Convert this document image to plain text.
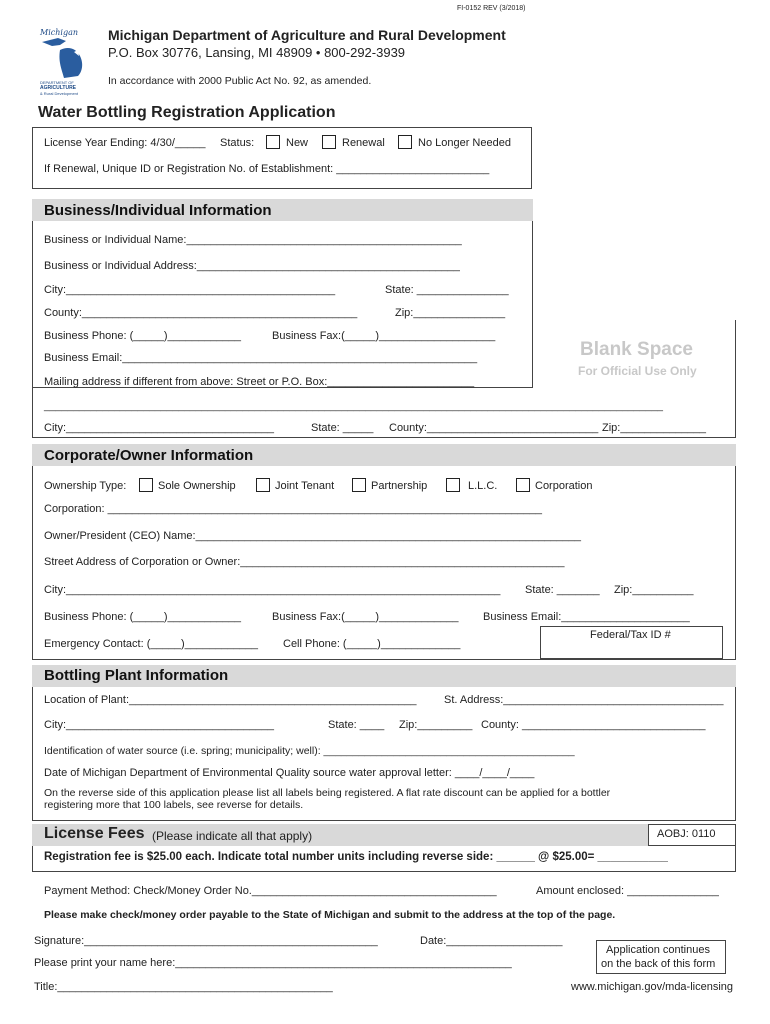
FI-0152 REV (3/2018)
Michigan
DEPARTMENT OF
AGRICULTURE
& Rural Development
Michigan Department of Agriculture and Rural Development
P.O. Box 30776, Lansing, MI 48909 • 800-292-3939
In accordance with 2000 Public Act No. 92, as amended.
Water Bottling Registration Application
License Year Ending: 4/30/_____ Status:	New	Renewal	No Longer Needed
If Renewal, Unique ID or Registration No. of Establishment: _________________________
Business/Individual Information
Business or Individual Name:_____________________________________________
Business or Individual Address:___________________________________________
City:____________________________________________	State: _______________
County:_____________________________________________	Zip:_______________
Business Phone: (_____)____________	Business Fax:(_____)___________________
Business Email:__________________________________________________________
Mailing address if different from above: Street or P.O. Box:________________________
__________________________________________________________________________________________________________
City:__________________________________	State: _____ County:____________________________ Zip:______________
Blank Space
For Official Use Only
Corporate/Owner Information
Ownership Type:	Sole Ownership	Joint Tenant	Partnership	L.L.C.	Corporation
Corporation: _______________________________________________________________________
Owner/President (CEO) Name:_______________________________________________________________
Street Address of Corporation or Owner:_____________________________________________________
City:_______________________________________________________________________ State: _______ Zip:__________
Business Phone: (_____)____________	Business Fax:(_____)_____________ Business Email:_____________________
Federal/Tax ID #
Emergency Contact: (_____)____________ Cell Phone: (_____)_____________
Bottling Plant Information
Location of Plant:_______________________________________________ St. Address:____________________________________
City:__________________________________	State: ____ Zip:_________ County: ______________________________
Identification of water source (i.e. spring; municipality; well): ___________________________________________
Date of Michigan Department of Environmental Quality source water approval letter: ____/____/____
On the reverse side of this application please list all labels being registered. A flat rate discount can be applied for a bottler
registering more that 100 labels, see reverse for details.
License Fees (Please indicate all that apply)	AOBJ: 0110
Registration fee is $25.00 each. Indicate total number units including reverse side: ______ @ $25.00= ___________
Payment Method: Check/Money Order No.________________________________________	Amount enclosed: _______________
Please make check/money order payable to the State of Michigan and submit to the address at the top of the page.
Signature:________________________________________________	Date:___________________
Please print your name here:_______________________________________________________
Title:_____________________________________________
Application continues
on the back of this form
www.michigan.gov/mda-licensing
